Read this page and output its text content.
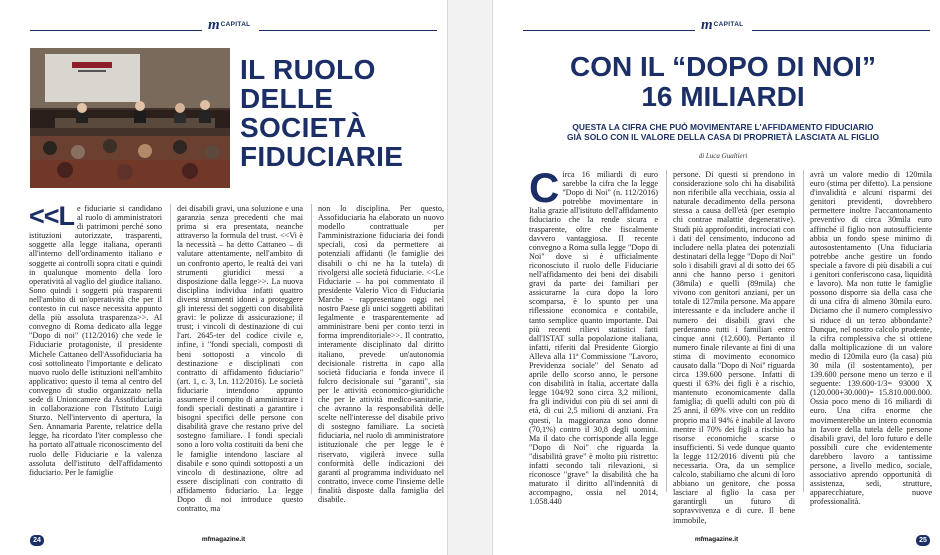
$m^{CAPITAL}$
IL RUOLO DELLE SOCIETÀ FIDUCIARIE
<<L e fiduciarie si candidano al ruolo di amministratori di patrimoni perché sono istituzioni autorizzate, trasparenti, soggette alla legge italiana, operanti all'interno dell'ordinamento italiano e soggette ai controlli sopra citati e quindi in qualunque momento della loro operatività al vaglio del giudice italiano. Sono quindi i soggetti più trasparenti nell'ambito di un'operatività che per il contesto in cui nasce necessita appunto della più assoluta trasparenza>>. Al convegno di Roma dedicato alla legge "Dopo di noi" (112/2016) che vede le Fiduciarie protagoniste, il presidente Michele Cattaneo dell'Assofiduciaria ha così sottolineato l'importante e delicato nuovo ruolo delle istituzioni nell'ambito applicativo: questo il tema al centro del convegno di studio organizzato nella sede di Unioncamere da Assofiduciaria in collaborazione con l'Istituto Luigi Sturzo. Nell'intervento di apertura, la Sen. Annamaria Parente, relatrice della legge, ha ricordato l'iter complesso che ha portato all'attuale riconoscimento del ruolo delle Fiduciarie e la valenza assoluta dell'istituto dell'affidamento fiduciario. Per le famiglie
dei disabili gravi, una soluzione e una garanzia senza precedenti che mai prima si era presentata, neanche attraverso la formula del trust. <<Vi è la necessità – ha detto Cattaneo – di valutare attentamente, nell'ambito di un confronto aperto, le realtà dei vari strumenti giuridici messi a disposizione dalla legge>>. La nuova disciplina individua infatti quattro diversi strumenti idonei a proteggere gli interessi dei soggetti con disabilità gravi: le polizze di assicurazione; il trust; i vincoli di destinazione di cui l'art. 2645-ter del codice civile e, infine, i "fondi speciali, composti di beni sottoposti a vincolo di destinazione e disciplinati con contratto di affidamento fiduciario" (art. 1, c. 3, l.n. 112/2016). Le società fiduciarie intendono appunto assumere il compito di amministrare i fondi speciali destinati a garantire i bisogni specifici delle persone con disabilità grave che restano prive del sostegno familiare. I fondi speciali sono a loro volta costituiti da beni che le famiglie intendono lasciare al disabile e sono quindi sottoposti a un vincolo di destinazione, oltre ad essere disciplinati con contratto di affidamento fiduciario. La legge Dopo di noi introduce questo contratto, ma
non lo disciplina. Per questo, Assofiduciaria ha elaborato un nuovo modello contrattuale per l'amministrazione fiduciaria dei fondi speciali, così da permettere ai potenziali affidanti (le famiglie dei disabili o chi ne ha la tutela) di rivolgersi alle società fiduciarie. <<Le Fiduciarie – ha poi commentato il presidente Valerio Vico di Fiduciaria Marche - rappresentano oggi nel nostro Paese gli unici soggetti abilitati legalmente e trasparentemente ad amministrare beni per conto terzi in forma imprenditoriale>>. Il contratto, interamente disciplinato dal diritto italiano, prevede un'autonomia decisionale ristretta in capo alla società fiduciaria e fonda invece il fulcro decisionale sui "garanti", sia per le attività economico-giuridiche che per le attività medico-sanitarie, che avranno la responsabilità delle scelte nell'interesse del disabile privo di sostegno familiare. La società fiduciaria, nel ruolo di amministratore istituzionale che per legge le è riservato, vigilerà invece sulla conformità delle indicazioni dei garanti al programma individuato nel contratto, invece come l'insieme delle finalità disposte dalla famiglia del disabile.
24	mfmagazine.it
$m^{CAPITAL}$
CON IL “DOPO DI NOI”
16 MILIARDI
QUESTA LA CIFRA CHE PUÒ MOVIMENTARE L'AFFIDAMENTO FIDUCIARIO
GIÀ SOLO CON IL VALORE DELLA CASA DI PROPRIETÀ LASCIATA AL FIGLIO
di Luca Gualtieri
C irca 16 miliardi di euro sarebbe la cifra che la legge "Dopo di Noi" (n. 112/2016) potrebbe movimentare in Italia grazie all'istituto dell'affidamento fiduciario che la rende sicura e trasparente, oltre che fiscalmente davvero vantaggiosa. Il recente convegno a Roma sulla legge "Dopo di Noi" dove si è ufficialmente riconosciuto il ruolo delle Fiduciarie nell'affidamento dei beni dei disabili gravi da parte dei familiari per assicurarne la cura dopo la loro scomparsa, è lo spunto per una riflessione economica e contabile, tanto semplice quanto importante. Dai più recenti rilievi statistici fatti dall'ISTAT sulla popolazione italiana, infatti, riferiti dal Presidente Giorgio Alleva alla 11ª Commissione "Lavoro, Previdenza sociale" del Senato ad aprile dello scorso anno, le persone con disabilità in Italia, accertate dalla legge 104/92 sono circa 3,2 milioni, fra gli individui con più di sei anni di età, di cui 2,5 milioni di anziani. Fra questi, la maggioranza sono donne (70,1%) contro il 30,8 degli uomini. Ma il dato che corrisponde alla legge "Dopo di Noi" che riguarda la "disabilità grave" è molto più ristretto: infatti secondo tali rilevazioni, si riconosce "grave" la disabilità che ha maturato il diritto all'indennità di accompagno, ossia nel 2014, 1.058.440
persone. Di questi si prendono in considerazione solo chi ha disabilità non riferibile alla vecchiaia, ossia al naturale decadimento della persona stessa a causa dell'età (per esempio chi contrae malattie degenerative). Studi più approfonditi, incrociati con i dati del censimento, inducono ad includere nella platea dei potenziali destinatari della legge "Dopo di Noi" solo i disabili gravi al di sotto dei 65 anni che hanno perso i genitori (38mila) e quelli (89mila) che vivono con genitori anziani, per un totale di 127mila persone. Ma appare interessante e da includere anche il numero dei disabili gravi che perderanno tutti i familiari entro cinque anni (12.600). Pertanto il numero finale rilevante ai fini di una stima di movimento economico causato dalla "Dopo di Noi" riguarda circa 139.600 persone. Infatti di questi il 63% dei figli è a rischio, mantenuto economicamente dalla famiglia; di quelli adulti con più di 25 anni, il 69% vive con un reddito proprio ma il 94% è inabile al lavoro mentre il 70% dei figli a rischio ha risorse economiche scarse o insufficienti. Si vede dunque quanto la legge 112/2016 diventi più che necessaria. Ora, da un semplice calcolo, stabiliamo che alcuni di loro abbiano un genitore, che possa lasciare al figlio la casa per garantirgli un futuro di sopravvivenza e di cure. Il bene immobile,
avrà un valore medio di 120mila euro (stima per difetto). La pensione d'invalidità e alcuni risparmi dei genitori previdenti, dovrebbero permettere inoltre l'accantonamento preventivo di circa 30mila euro affinché il figlio non autosufficiente abbia un fondo spese minimo di autosostentamento (Una fiduciaria potrebbe anche gestire un fondo speciale a favore di più disabili a cui i genitori conferiscono casa, liquidità e lavoro). Ma non tutte le famiglie possono disporre sia della casa che di una cifra di almeno 30mila euro. Diciamo che il numero complessivo si riduce di un terzo abbondante? Dunque, nel nostro calcolo prudente, la cifra complessiva che si ottiene dalla moltiplicazione di un valore medio di 120mila euro (la casa) più 30 mila (il sostentamento), per 139.600 persone meno un terzo e il seguente: 139.600-1/3= 93000 X (120.000+30.000)= 15.810.000.000. Ossia poco meno di 16 miliardi di euro. Una cifra enorme che movimenterebbe un intero economia in favore della tutela delle persone disabili gravi, del loro futuro e delle possibili cure che evidentemente darebbero lavoro a tantissime persone, a livello medico, sociale, associativo aprendo opportunità di assistenza, sedi, strutture, apparecchiature, nuove professionalità.
mfmagazine.it	25
